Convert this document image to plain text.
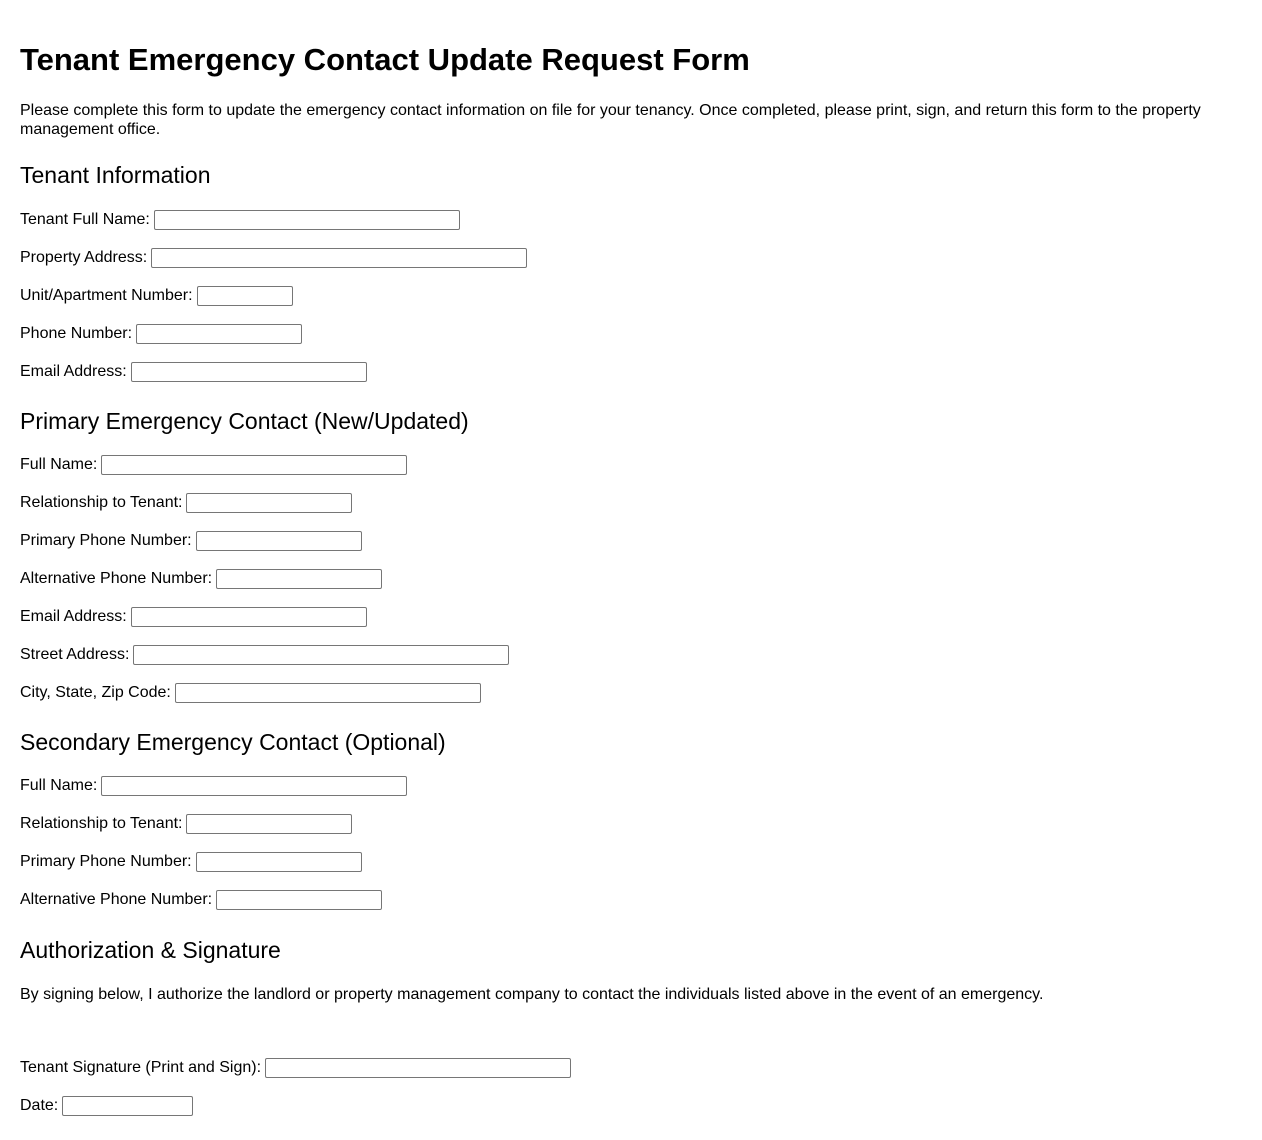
Tenant Emergency Contact Update Request Form

Please complete this form to update the emergency contact information on file for your tenancy. Once completed, please print, sign, and return this form to the property management office.

Tenant Information
Tenant Full Name:
Property Address:
Unit/Apartment Number:
Phone Number:
Email Address:
Primary Emergency Contact (New/Updated)
Full Name:
Relationship to Tenant:
Primary Phone Number:
Alternative Phone Number:
Email Address:
Street Address:
City, State, Zip Code:
Secondary Emergency Contact (Optional)
Full Name:
Relationship to Tenant:
Primary Phone Number:
Alternative Phone Number:
Authorization & Signature

By signing below, I authorize the landlord or property management company to contact the individuals listed above in the event of an emergency.

Tenant Signature (Print and Sign):
Date:
